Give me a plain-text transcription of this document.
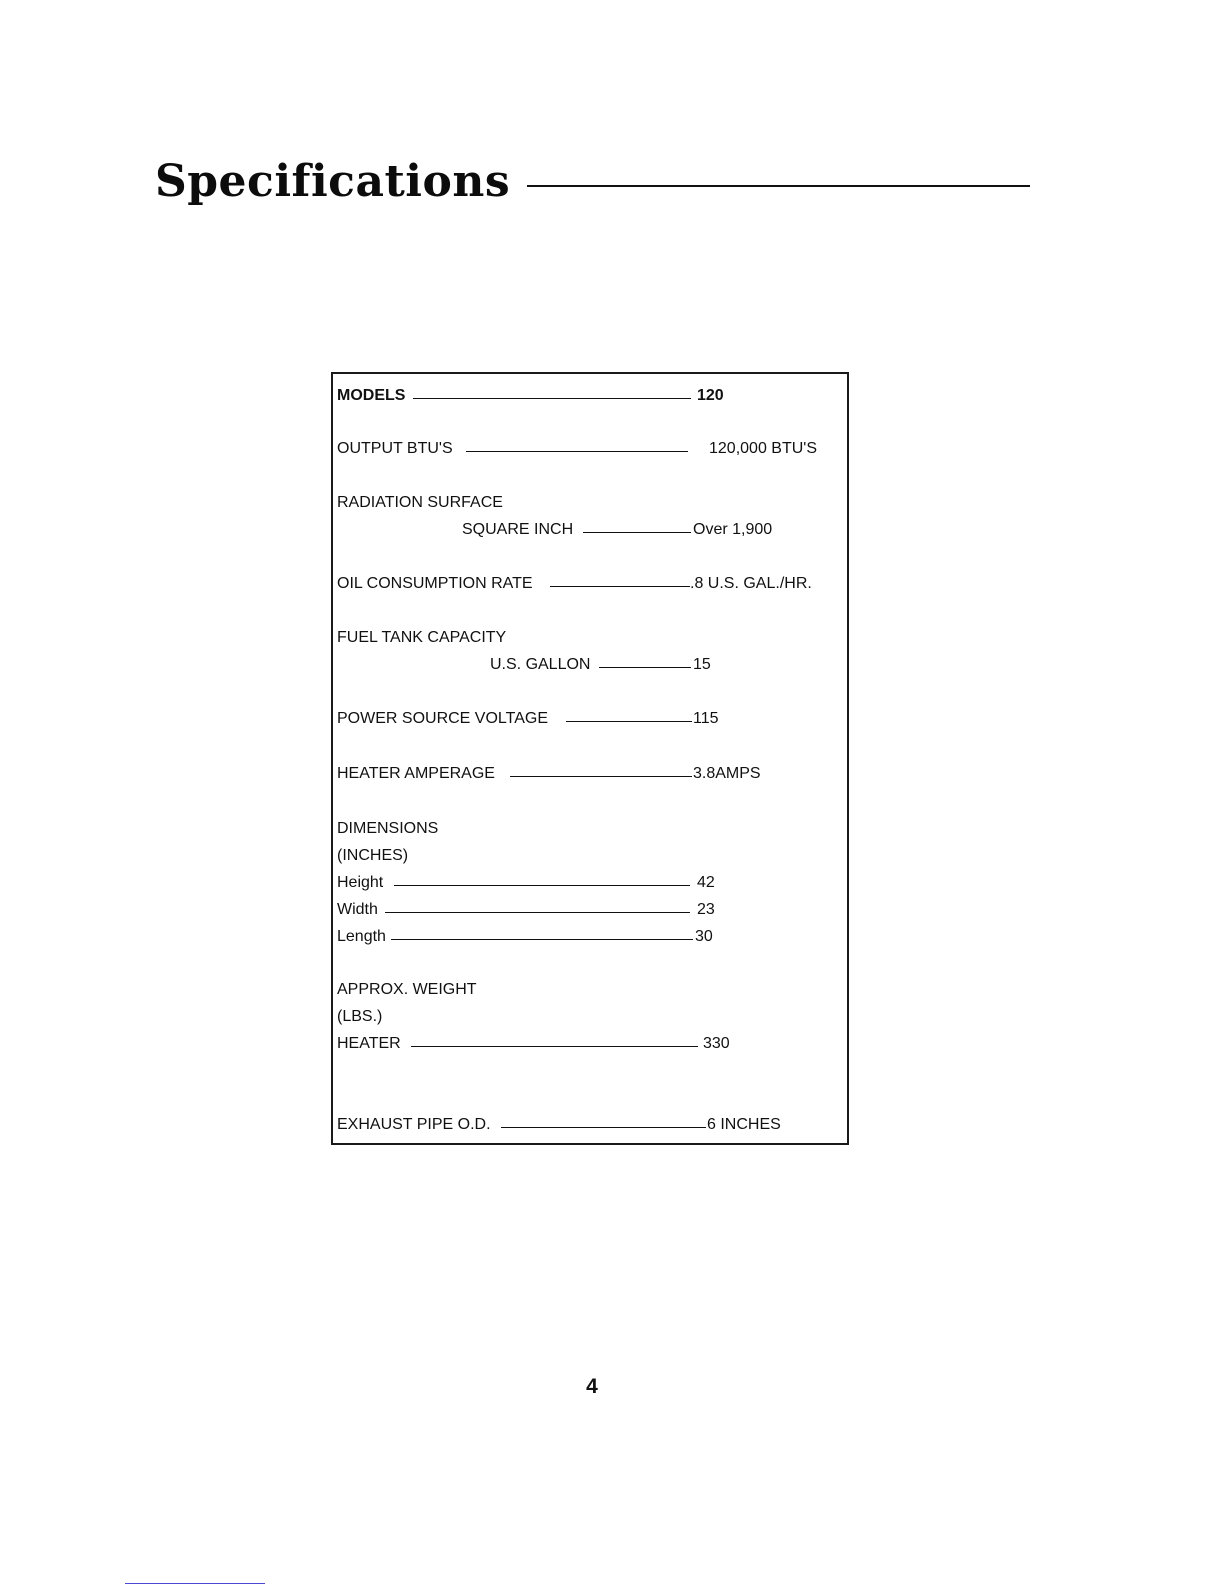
Specifications
MODELS	120
OUTPUT BTU'S	120,000 BTU'S
RADIATION SURFACE
SQUARE INCH	Over 1,900
OIL CONSUMPTION RATE	.8 U.S. GAL./HR.
FUEL TANK CAPACITY
U.S. GALLON	15
POWER SOURCE VOLTAGE	115
HEATER AMPERAGE	3.8AMPS
DIMENSIONS
(INCHES)
Height	42
Width	23
Length	30
APPROX. WEIGHT
(LBS.)
HEATER	330
EXHAUST PIPE O.D.	6 INCHES
4
